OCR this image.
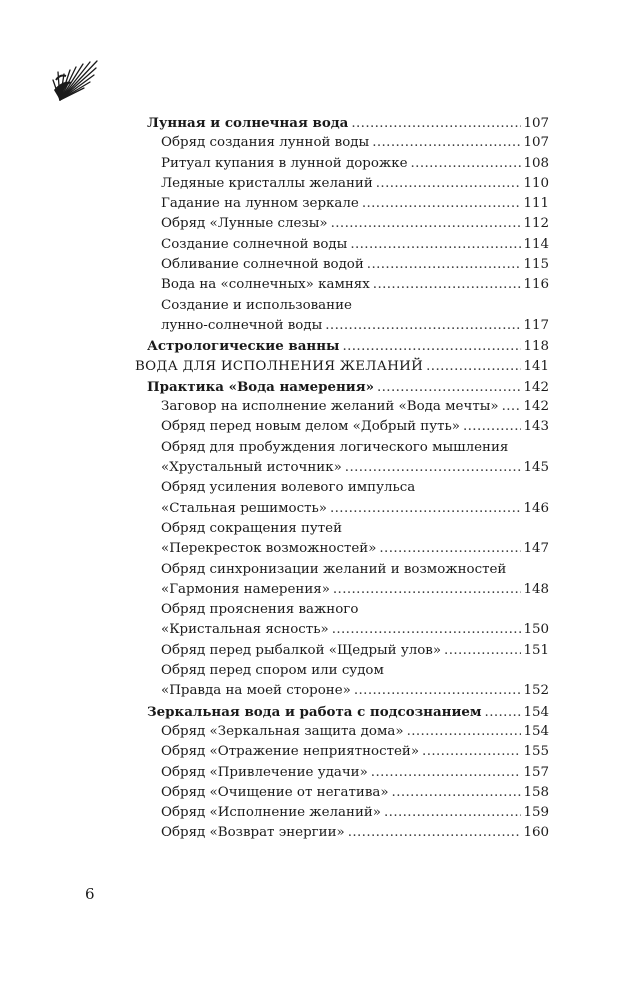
Лунная и солнечная вода .....	107
Обряд создания лунной воды .....	107
Ритуал купания в лунной дорожке .....	108
Ледяные кристаллы желаний .....	110
Гадание на лунном зеркале .....	111
Обряд «Лунные слезы» .....	112
Создание солнечной воды .....	114
Обливание солнечной водой .....	115
Вода на «солнечных» камнях .....	116
Создание и использование
лунно-солнечной воды .....	117
Астрологические ванны .....	118
ВОДА ДЛЯ ИСПОЛНЕНИЯ ЖЕЛАНИЙ .....	141
Практика «Вода намерения» .....	142
Заговор на исполнение желаний «Вода мечты» ..... 142
Обряд перед новым делом «Добрый путь» .....	143
Обряд для пробуждения логического мышления
«Хрустальный источник» .....	145
Обряд усиления волевого импульса
«Стальная решимость» .....	146
Обряд сокращения путей
«Перекресток возможностей» .....	147
Обряд синхронизации желаний и возможностей
«Гармония намерения» .....	148
Обряд прояснения важного
«Кристальная ясность» .....	150
Обряд перед рыбалкой «Щедрый улов» .....	151
Обряд перед спором или судом
«Правда на моей стороне» .....	152
Зеркальная вода и работа с подсознанием .....	154
Обряд «Зеркальная защита дома» .....	154
Обряд «Отражение неприятностей» .....	155
Обряд «Привлечение удачи» .....	157
Обряд «Очищение от негатива» .....	158
Обряд «Исполнение желаний» .....	159
Обряд «Возврат энергии» .....	160
6
